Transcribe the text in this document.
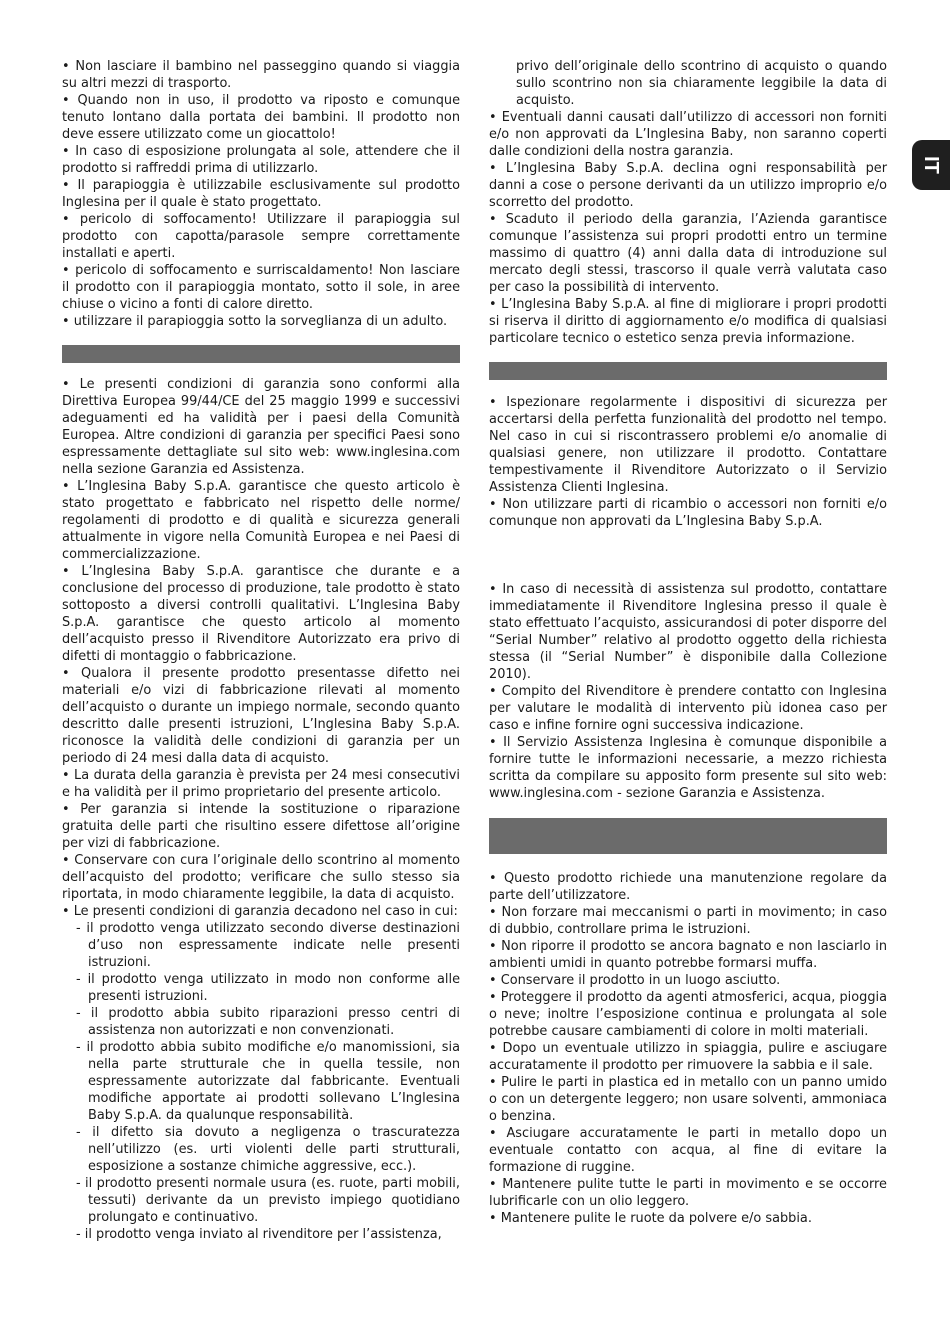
IT

• Non lasciare il bambino nel passeggino quando si viaggia su altri mezzi di trasporto.

• Quando non in uso, il prodotto va riposto e comunque tenuto lontano dalla portata dei bambini. Il prodotto non deve essere utilizzato come un giocattolo!

• In caso di esposizione prolungata al sole, attendere che il prodotto si raffreddi prima di utilizzarlo.

• Il parapioggia è utilizzabile esclusivamente sul prodotto Inglesina per il quale è stato progettato.

• pericolo di soffocamento! Utilizzare il parapioggia sul prodotto con capotta/parasole sempre correttamente installati e aperti.

• pericolo di soffocamento e surriscaldamento! Non lasciare il prodotto con il parapioggia montato, sotto il sole, in aree chiuse o vicino a fonti di calore diretto.

• utilizzare il parapioggia sotto la sorveglianza di un adulto.

• Le presenti condizioni di garanzia sono conformi alla Direttiva Europea 99/44/CE del 25 maggio 1999 e successivi adeguamenti ed ha validità per i paesi della Comunità Europea. Altre condizioni di garanzia per specifici Paesi sono espressamente dettagliate sul sito web: www.inglesina.com nella sezione Garanzia ed Assistenza.

• L’Inglesina Baby S.p.A. garantisce che questo articolo è stato progettato e fabbricato nel rispetto delle norme/ regolamenti di prodotto e di qualità e sicurezza generali attualmente in vigore nella Comunità Europea e nei Paesi di commercializzazione.

• L’Inglesina Baby S.p.A. garantisce che durante e a conclusione del processo di produzione, tale prodotto è stato sottoposto a diversi controlli qualitativi. L’Inglesina Baby S.p.A. garantisce che questo articolo al momento dell’acquisto presso il Rivenditore Autorizzato era privo di difetti di montaggio o fabbricazione.

• Qualora il presente prodotto presentasse difetto nei materiali e/o vizi di fabbricazione rilevati al momento dell’acquisto o durante un impiego normale, secondo quanto descritto dalle presenti istruzioni, L’Inglesina Baby S.p.A. riconosce la validità delle condizioni di garanzia per un periodo di 24 mesi dalla data di acquisto.

• La durata della garanzia è prevista per 24 mesi consecutivi e ha validità per il primo proprietario del presente articolo.

• Per garanzia si intende la sostituzione o riparazione gratuita delle parti che risultino essere difettose all’origine per vizi di fabbricazione.

• Conservare con cura l’originale dello scontrino al momento dell’acquisto del prodotto; verificare che sullo stesso sia riportata, in modo chiaramente leggibile, la data di acquisto.

• Le presenti condizioni di garanzia decadono nel caso in cui:

- il prodotto venga utilizzato secondo diverse destinazioni d’uso non espressamente indicate nelle presenti istruzioni.

- il prodotto venga utilizzato in modo non conforme alle presenti istruzioni.

- il prodotto abbia subito riparazioni presso centri di assistenza non autorizzati e non convenzionati.

- il prodotto abbia subito modifiche e/o manomissioni, sia nella parte strutturale che in quella tessile, non espressamente autorizzate dal fabbricante. Eventuali modifiche apportate ai prodotti sollevano L’Inglesina Baby S.p.A. da qualunque responsabilità.

- il difetto sia dovuto a negligenza o trascuratezza nell’utilizzo (es. urti violenti delle parti strutturali, esposizione a sostanze chimiche aggressive, ecc.).

- il prodotto presenti normale usura (es. ruote, parti mobili, tessuti) derivante da un previsto impiego quotidiano prolungato e continuativo.

- il prodotto venga inviato al rivenditore per l’assistenza,

privo dell’originale dello scontrino di acquisto o quando sullo scontrino non sia chiaramente leggibile la data di acquisto.

• Eventuali danni causati dall’utilizzo di accessori non forniti e/o non approvati da L’Inglesina Baby, non saranno coperti dalle condizioni della nostra garanzia.

• L’Inglesina Baby S.p.A. declina ogni responsabilità per danni a cose o persone derivanti da un utilizzo improprio e/o scorretto del prodotto.

• Scaduto il periodo della garanzia, l’Azienda garantisce comunque l’assistenza sui propri prodotti entro un termine massimo di quattro (4) anni dalla data di introduzione sul mercato degli stessi, trascorso il quale verrà valutata caso per caso la possibilità di intervento.

• L’Inglesina Baby S.p.A. al fine di migliorare i propri prodotti si riserva il diritto di aggiornamento e/o modifica di qualsiasi particolare tecnico o estetico senza previa informazione.

• Ispezionare regolarmente i dispositivi di sicurezza per accertarsi della perfetta funzionalità del prodotto nel tempo. Nel caso in cui si riscontrassero problemi e/o anomalie di qualsiasi genere, non utilizzare il prodotto. Contattare tempestivamente il Rivenditore Autorizzato o il Servizio Assistenza Clienti Inglesina.

• Non utilizzare parti di ricambio o accessori non forniti e/o comunque non approvati da L’Inglesina Baby S.p.A.

• In caso di necessità di assistenza sul prodotto, contattare immediatamente il Rivenditore Inglesina presso il quale è stato effettuato l’acquisto, assicurandosi di poter disporre del “Serial Number” relativo al prodotto oggetto della richiesta stessa (il “Serial Number” è disponibile dalla Collezione 2010).

• Compito del Rivenditore è prendere contatto con Inglesina per valutare le modalità di intervento più idonea caso per caso e infine fornire ogni successiva indicazione.

• Il Servizio Assistenza Inglesina è comunque disponibile a fornire tutte le informazioni necessarie, a mezzo richiesta scritta da compilare su apposito form presente sul sito web: www.inglesina.com - sezione Garanzia e Assistenza.

• Questo prodotto richiede una manutenzione regolare da parte dell’utilizzatore.

• Non forzare mai meccanismi o parti in movimento; in caso di dubbio, controllare prima le istruzioni.

• Non riporre il prodotto se ancora bagnato e non lasciarlo in ambienti umidi in quanto potrebbe formarsi muffa.

• Conservare il prodotto in un luogo asciutto.

• Proteggere il prodotto da agenti atmosferici, acqua, pioggia o neve; inoltre l’esposizione continua e prolungata al sole potrebbe causare cambiamenti di colore in molti materiali.

• Dopo un eventuale utilizzo in spiaggia, pulire e asciugare accuratamente il prodotto per rimuovere la sabbia e il sale.

• Pulire le parti in plastica ed in metallo con un panno umido o con un detergente leggero; non usare solventi, ammoniaca o benzina.

• Asciugare accuratamente le parti in metallo dopo un eventuale contatto con acqua, al fine di evitare la formazione di ruggine.

• Mantenere pulite tutte le parti in movimento e se occorre lubrificarle con un olio leggero.

• Mantenere pulite le ruote da polvere e/o sabbia.
